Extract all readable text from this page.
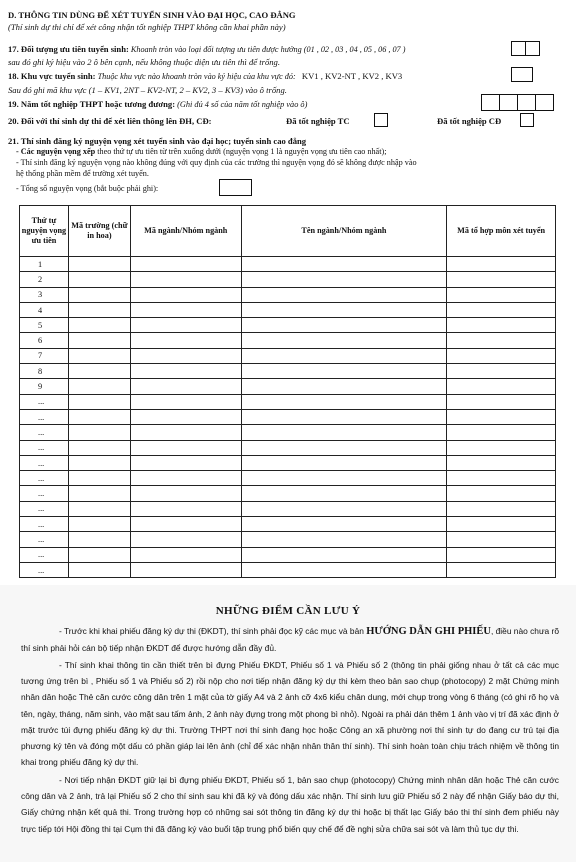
D. THÔNG TIN DÙNG ĐỂ XÉT TUYỂN SINH VÀO ĐẠI HỌC, CAO ĐẲNG
(Thí sinh dự thi chỉ để xét công nhận tốt nghiệp THPT không cần khai phần này)
17. Đối tượng ưu tiên tuyển sinh: Khoanh tròn vào loại đối tượng ưu tiên được hưởng (01 , 02 , 03 , 04 , 05 , 06 , 07 )
sau đó ghi ký hiệu vào 2 ô bên cạnh, nếu không thuộc diện ưu tiên thì để trống.
18. Khu vực tuyển sinh: Thuộc khu vực nào khoanh tròn vào ký hiệu của khu vực đó: KV1 , KV2-NT , KV2 , KV3
Sau đó ghi mã khu vực (1 – KV1, 2NT – KV2-NT, 2 – KV2, 3 – KV3) vào ô trống.
19. Năm tốt nghiệp THPT hoặc tương đương: (Ghi đủ 4 số của năm tốt nghiệp vào ô)
20. Đối với thí sinh dự thi để xét liên thông lên ĐH, CĐ:	Đã tốt nghiệp TC	Đã tốt nghiệp CĐ
21. Thí sinh đăng ký nguyện vọng xét tuyển sinh vào đại học; tuyển sinh cao đẳng
- Các nguyện vọng xếp theo thứ tự ưu tiên từ trên xuống dưới (nguyện vọng 1 là nguyện vọng ưu tiên cao nhất);
- Thí sinh đăng ký nguyện vọng nào không đúng với quy định của các trường thì nguyện vọng đó sẽ không được nhập vào
hệ thống phần mềm để trường xét tuyển.
- Tổng số nguyện vọng (bắt buộc phải ghi):
Thứ tự nguyện vọng ưu tiên	Mã trường (chữ in hoa)	Mã ngành/Nhóm ngành	Tên ngành/Nhóm ngành	Mã tổ hợp môn xét tuyển
1				
2				
3				
4				
5				
6				
7				
8				
9				
...				
...				
...				
...				
...				
...				
...				
...				
...				
...				
...				
...				
NHỮNG ĐIỂM CẦN LƯU Ý
- Trước khi khai phiếu đăng ký dự thi (ĐKDT), thí sinh phải đọc kỹ các mục và bản HƯỚNG DẪN GHI PHIẾU, điều nào chưa rõ thí sinh phải hỏi cán bộ tiếp nhận ĐKDT để được hướng dẫn đầy đủ.
- Thí sinh khai thông tin cần thiết trên bì đựng Phiếu ĐKDT, Phiếu số 1 và Phiếu số 2 (thông tin phải giống nhau ở tất cả các mục tương ứng trên bì , Phiếu số 1 và Phiếu số 2) rồi nộp cho nơi tiếp nhận đăng ký dự thi kèm theo bản sao chụp (photocopy) 2 mặt Chứng minh nhân dân hoặc Thẻ căn cước công dân trên 1 mặt của tờ giấy A4 và 2 ảnh cỡ 4x6 kiểu chân dung, mới chụp trong vòng 6 tháng (có ghi rõ họ và tên, ngày, tháng, năm sinh, vào mặt sau tấm ảnh, 2 ảnh này đựng trong một phong bì nhỏ). Ngoài ra phải dán thêm 1 ảnh vào vị trí đã xác định ở mặt trước túi đựng phiếu đăng ký dự thi. Trường THPT nơi thí sinh đang học hoặc Công an xã phường nơi thí sinh tự do đang cư trú tại địa phương ký tên và đóng một dấu có phần giáp lai lên ảnh (chỉ để xác nhận nhân thân thí sinh). Thí sinh hoàn toàn chịu trách nhiệm về thông tin khai trong phiếu đăng ký dự thi.
- Nơi tiếp nhận ĐKDT giữ lại bì đựng phiếu ĐKDT, Phiếu số 1, bản sao chụp (photocopy) Chứng minh nhân dân hoặc Thẻ căn cước công dân và 2 ảnh, trả lại Phiếu số 2 cho thí sinh sau khi đã ký và đóng dấu xác nhận. Thí sinh lưu giữ Phiếu số 2 này để nhận Giấy báo dự thi, Giấy chứng nhận kết quả thi. Trong trường hợp có những sai sót thông tin đăng ký dự thi hoặc bị thất lạc Giấy báo thi thí sinh đem phiếu này trực tiếp tới Hội đồng thi tại Cụm thi đã đăng ký vào buổi tập trung phổ biến quy chế để đề nghị sửa chữa sai sót và làm thủ tục dự thi.
